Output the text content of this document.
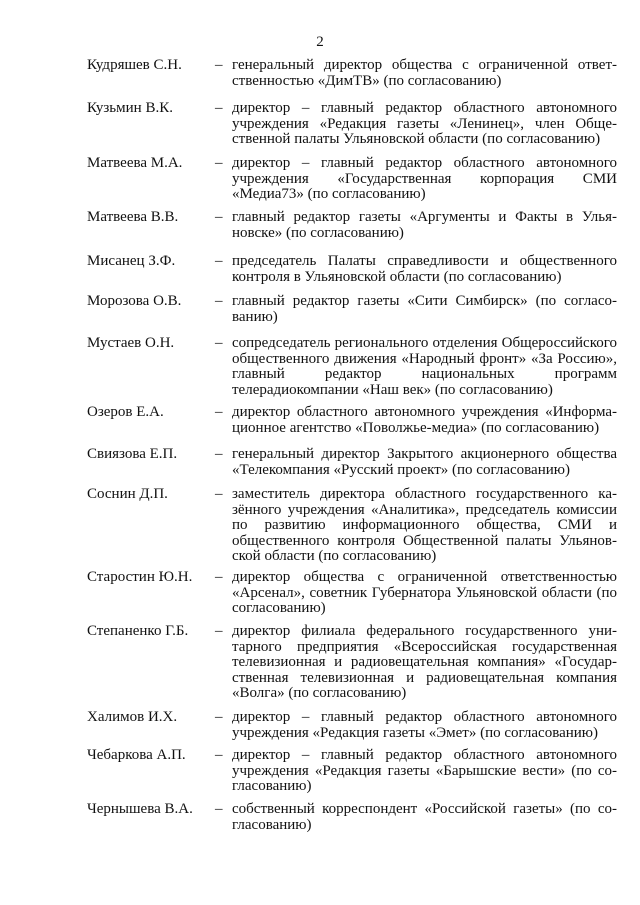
2
Кудряшев С.Н. – генеральный директор общества с ограниченной ответственностью «ДимТВ» (по согласованию)
Кузьмин В.К.	– директор – главный редактор областного автономного учреждения «Редакция газеты «Ленинец», член Общественной палаты Ульяновской области (по согласованию)
Матвеева М.А. – директор – главный редактор областного автономного учреждения «Государственная корпорация СМИ «Медиа73» (по согласованию)
Матвеева В.В. – главный редактор газеты «Аргументы и Факты в Ульяновске» (по согласованию)
Мисанец З.Ф.	– председатель Палаты справедливости и общественного контроля в Ульяновской области (по согласованию)
Морозова О.В. – главный редактор газеты «Сити Симбирск» (по согласованию)
Мустаев О.Н.	– сопредседатель регионального отделения Общероссийского общественного движения «Народный фронт» «За Россию», главный редактор национальных программ телерадиокомпании «Наш век» (по согласованию)
Озеров Е.А.	– директор областного автономного учреждения «Информационное агентство «Поволжье-медиа» (по согласованию)
Свиязова Е.П.	– генеральный директор Закрытого акционерного общества «Телекомпания «Русский проект» (по согласованию)
Соснин Д.П.	– заместитель директора областного государственного казённого учреждения «Аналитика», председатель комиссии по развитию информационного общества, СМИ и общественного контроля Общественной палаты Ульяновской области (по согласованию)
Старостин Ю.Н. – директор общества с ограниченной ответственностью «Арсенал», советник Губернатора Ульяновской области (по согласованию)
Степаненко Г.Б. – директор филиала федерального государственного унитарного предприятия «Всероссийская государственная телевизионная и радиовещательная компания» «Государственная телевизионная и радиовещательная компания «Волга» (по согласованию)
Халимов И.Х.	– директор – главный редактор областного автономного учреждения «Редакция газеты «Эмет» (по согласованию)
Чебаркова А.П. – директор – главный редактор областного автономного учреждения «Редакция газеты «Барышские вести» (по согласованию)
Чернышева В.А. – собственный корреспондент «Российской газеты» (по согласованию)
